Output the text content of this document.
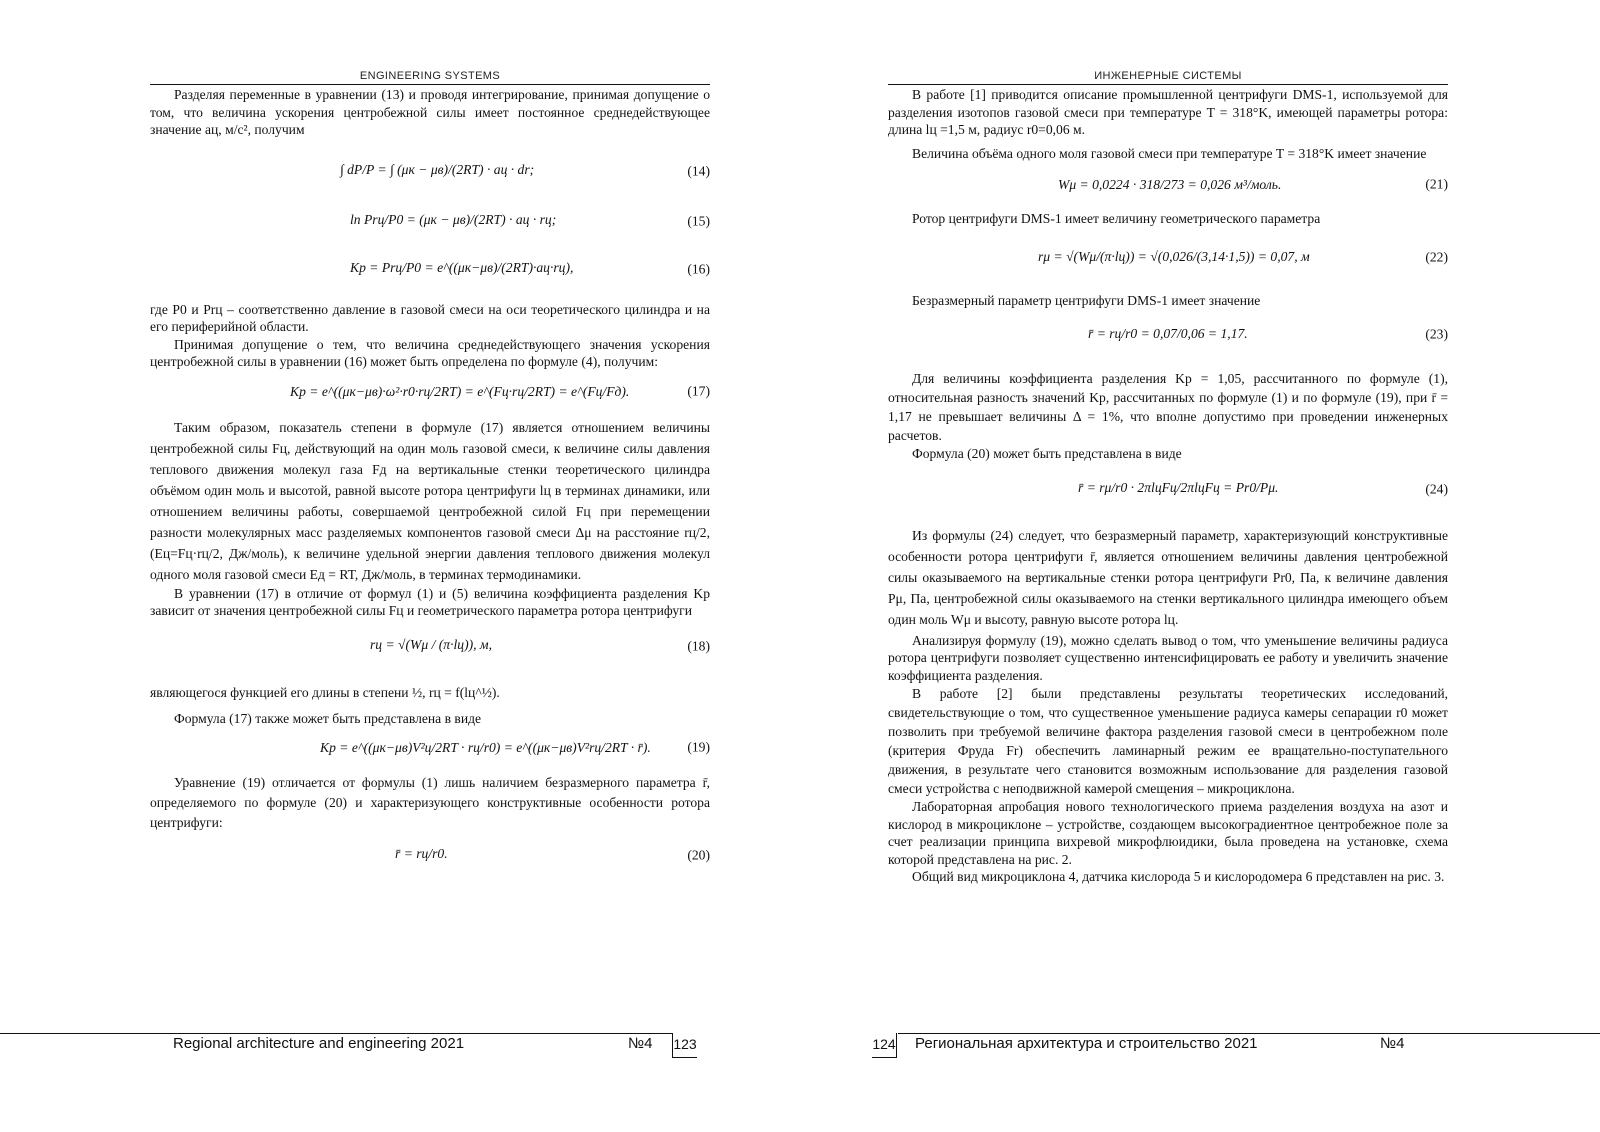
ENGINEERING SYSTEMS

Разделяя переменные в уравнении (13) и проводя интегрирование, принимая допущение о том, что величина ускорения центробежной силы имеет постоянное среднедействующее значение aц, м/с², получим

∫ dP/P = ∫ (μк − μв)/(2RT) · aц · dr;	(14)
ln Prц/P0 = (μк − μв)/(2RT) · aц · rц;	(15)
Kр = Prц/P0 = e^((μк−μв)/(2RT)·aц·rц),	(16)

где P0 и Prц – соответственно давление в газовой смеси на оси теоретического цилиндра и на его периферийной области.

Принимая допущение о тем, что величина среднедействующего значения ускорения центробежной силы в уравнении (16) может быть определена по формуле (4), получим:

Kр = e^((μк−μв)·ω²·r0·rц/2RT) = e^(Fц·rц/2RT) = e^(Fц/Fд).	(17)

Таким образом, показатель степени в формуле (17) является отношением величины центробежной силы Fц, действующий на один моль газовой смеси, к величине силы давления теплового движения молекул газа Fд на вертикальные стенки теоретического цилиндра объёмом один моль и высотой, равной высоте ротора центрифуги lц в терминах динамики, или отношением величины работы, совершаемой центробежной силой Fц при перемещении разности молекулярных масс разделяемых компонентов газовой смеси Δμ на расстояние rц/2, (Eц=Fц·rц/2, Дж/моль), к величине удельной энергии давления теплового движения молекул одного моля газовой смеси Eд = RT, Дж/моль, в терминах термодинамики.

В уравнении (17) в отличие от формул (1) и (5) величина коэффициента разделения Kр зависит от значения центробежной силы Fц и геометрического параметра ротора центрифуги

rц = √(Wμ / (π·lц)), м,	(18)

являющегося функцией его длины в степени ½, rц = f(lц^½).

Формула (17) также может быть представлена в виде

Kр = e^((μк−μв)V²ц/2RT · rц/r0) = e^((μк−μв)V²rц/2RT · r̄).	(19)

Уравнение (19) отличается от формулы (1) лишь наличием безразмерного параметра r̄, определяемого по формуле (20) и характеризующего конструктивные особенности ротора центрифуги:

r̄ = rц/r0.	(20)
Regional architecture and engineering 2021	№4 123
ИНЖЕНЕРНЫЕ СИСТЕМЫ

В работе [1] приводится описание промышленной центрифуги DMS-1, используемой для разделения изотопов газовой смеси при температуре T = 318°K, имеющей параметры ротора: длина lц =1,5 м, радиус r0=0,06 м.

Величина объёма одного моля газовой смеси при температуре T = 318°K имеет значение

Wμ = 0,0224 · 318/273 = 0,026 м³/моль.	(21)

Ротор центрифуги DMS-1 имеет величину геометрического параметра

rμ = √(Wμ/(π·lц)) = √(0,026/(3,14·1,5)) = 0,07, м	(22)

Безразмерный параметр центрифуги DMS-1 имеет значение

r̄ = rц/r0 = 0,07/0,06 = 1,17.	(23)

Для величины коэффициента разделения Kр = 1,05, рассчитанного по формуле (1), относительная разность значений Kр, рассчитанных по формуле (1) и по формуле (19), при r̄ = 1,17 не превышает величины Δ = 1%, что вполне допустимо при проведении инженерных расчетов.

Формула (20) может быть представлена в виде

r̄ = rμ/r0 · 2πlцFц/2πlцFц = Pr0/Pμ.	(24)

Из формулы (24) следует, что безразмерный параметр, характеризующий конструктивные особенности ротора центрифуги r̄, является отношением величины давления центробежной силы оказываемого на вертикальные стенки ротора центрифуги Pr0, Па, к величине давления Pμ, Па, центробежной силы оказываемого на стенки вертикального цилиндра имеющего объем один моль Wμ и высоту, равную высоте ротора lц.

Анализируя формулу (19), можно сделать вывод о том, что уменьшение величины радиуса ротора центрифуги позволяет существенно интенсифицировать ее работу и увеличить значение коэффициента разделения.

В работе [2] были представлены результаты теоретических исследований, свидетельствующие о том, что существенное уменьшение радиуса камеры сепарации r0 может позволить при требуемой величине фактора разделения газовой смеси в центробежном поле (критерия Фруда Fr) обеспечить ламинарный режим ее вращательно-поступательного движения, в результате чего становится возможным использование для разделения газовой смеси устройства с неподвижной камерой смещения – микроциклона.

Лабораторная апробация нового технологического приема разделения воздуха на азот и кислород в микроциклоне – устройстве, создающем высокоградиентное центробежное поле за счет реализации принципа вихревой микрофлюидики, была проведена на установке, схема которой представлена на рис. 2.

Общий вид микроциклона 4, датчика кислорода 5 и кислородомера 6 представлен на рис. 3.

124 Региональная архитектура и строительство 2021	№4
